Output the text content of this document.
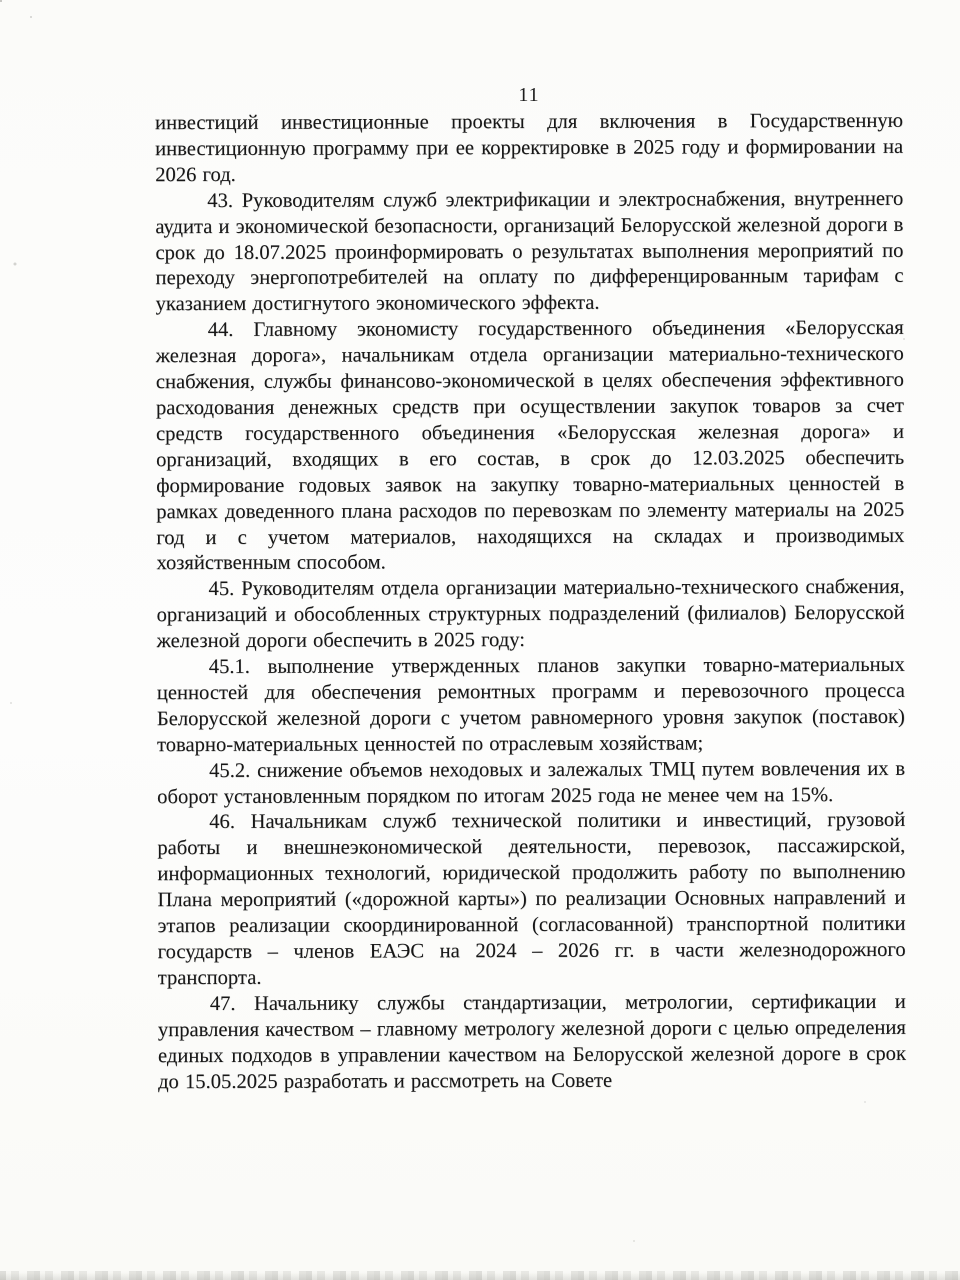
11

инвестиций инвестиционные проекты для включения в Государственную инвестиционную программу при ее корректировке в 2025 году и формировании на 2026 год.

43. Руководителям служб электрификации и электроснабжения, внутреннего аудита и экономической безопасности, организаций Белорусской железной дороги в срок до 18.07.2025 проинформировать о результатах выполнения мероприятий по переходу энергопотребителей на оплату по дифференцированным тарифам с указанием достигнутого экономического эффекта.

44. Главному экономисту государственного объединения «Белорусская железная дорога», начальникам отдела организации материально-технического снабжения, службы финансово-экономической в целях обеспечения эффективного расходования денежных средств при осуществлении закупок товаров за счет средств государственного объединения «Белорусская железная дорога» и организаций, входящих в его состав, в срок до 12.03.2025 обеспечить формирование годовых заявок на закупку товарно-материальных ценностей в рамках доведенного плана расходов по перевозкам по элементу материалы на 2025 год и с учетом материалов, находящихся на складах и производимых хозяйственным способом.

45. Руководителям отдела организации материально-технического снабжения, организаций и обособленных структурных подразделений (филиалов) Белорусской железной дороги обеспечить в 2025 году:

45.1. выполнение утвержденных планов закупки товарно-материальных ценностей для обеспечения ремонтных программ и перевозочного процесса Белорусской железной дороги с учетом равномерного уровня закупок (поставок) товарно-материальных ценностей по отраслевым хозяйствам;

45.2. снижение объемов неходовых и залежалых ТМЦ путем вовлечения их в оборот установленным порядком по итогам 2025 года не менее чем на 15%.

46. Начальникам служб технической политики и инвестиций, грузовой работы и внешнеэкономической деятельности, перевозок, пассажирской, информационных технологий, юридической продолжить работу по выполнению Плана мероприятий («дорожной карты») по реализации Основных направлений и этапов реализации скоординированной (согласованной) транспортной политики государств – членов ЕАЭС на 2024 – 2026 гг. в части железнодорожного транспорта.

47. Начальнику службы стандартизации, метрологии, сертификации и управления качеством – главному метрологу железной дороги с целью определения единых подходов в управлении качеством на Белорусской железной дороге в срок до 15.05.2025 разработать и рассмотреть на Совете
